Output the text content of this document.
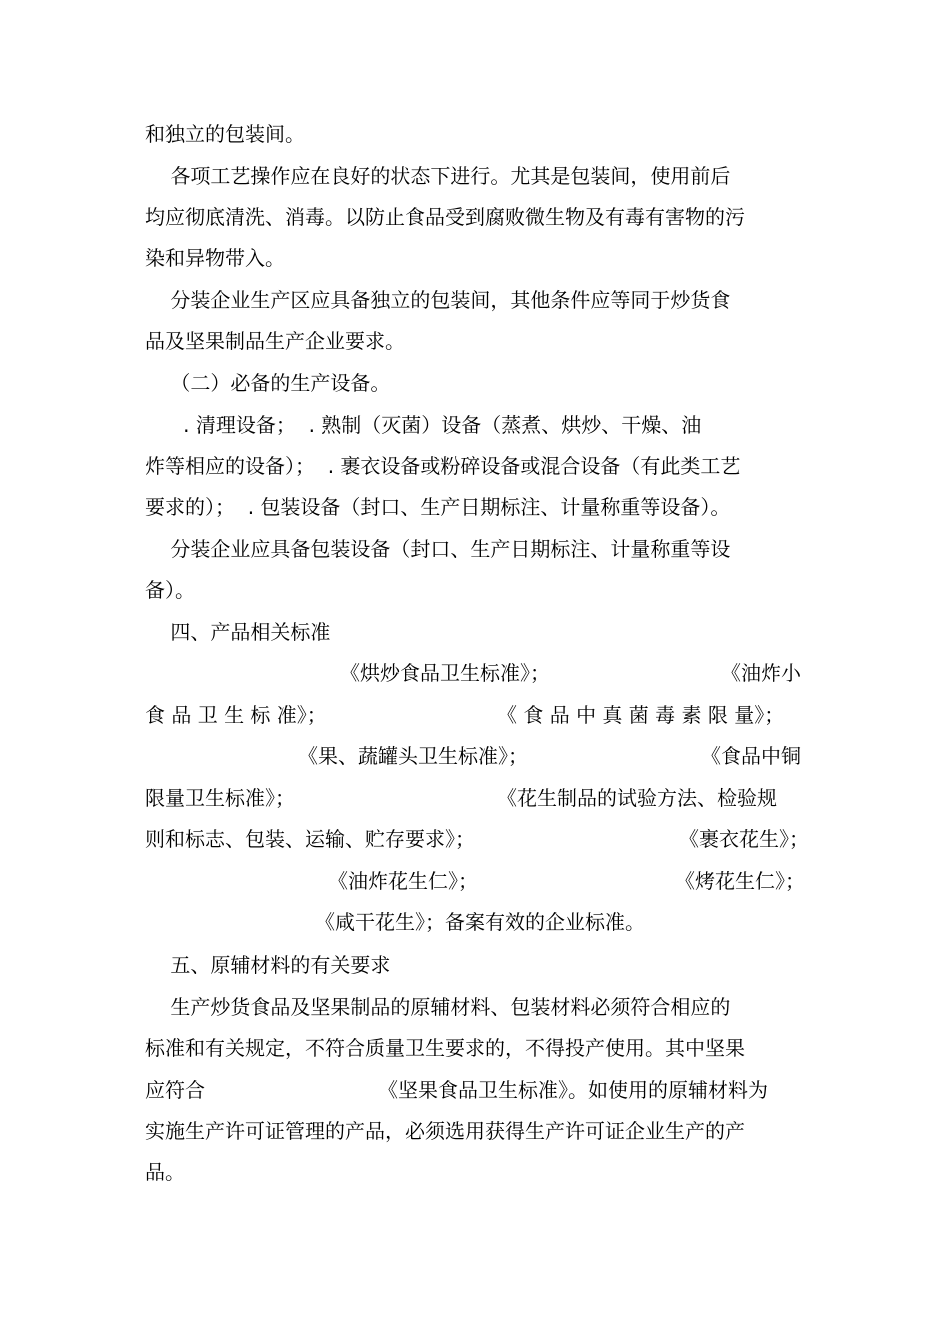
和独立的包装间。
各项工艺操作应在良好的状态下进行。尤其是包装间，使用前后
均应彻底清洗、消毒。以防止食品受到腐败微生物及有毒有害物的污
染和异物带入。
分装企业生产区应具备独立的包装间，其他条件应等同于炒货食
品及坚果制品生产企业要求。
（二）必备的生产设备。
. 清理设备；  . 熟制（灭菌）设备（蒸煮、烘炒、干燥、油
炸等相应的设备）；  . 裹衣设备或粉碎设备或混合设备（有此类工艺
要求的）；  . 包装设备（封口、生产日期标注、计量称重等设备）。
分装企业应具备包装设备（封口、生产日期标注、计量称重等设
备）。
四、产品相关标准

《烘炒食品卫生标准》；

	《油炸小

食 品 卫 生 标 准》；

	《 食 品 中 真 菌 毒 素 限 量》；

《果、蔬罐头卫生标准》；

	《食品中铜

限量卫生标准》；

	《花生制品的试验方法、检验规

则和标志、包装、运输、贮存要求》；

	《裹衣花生》；

《油炸花生仁》；

	《烤花生仁》；

《咸干花生》；备案有效的企业标准。

五、原辅材料的有关要求
生产炒货食品及坚果制品的原辅材料、包装材料必须符合相应的
标准和有关规定，不符合质量卫生要求的，不得投产使用。其中坚果

应符合

	《坚果食品卫生标准》。如使用的原辅材料为

实施生产许可证管理的产品，必须选用获得生产许可证企业生产的产
品。
